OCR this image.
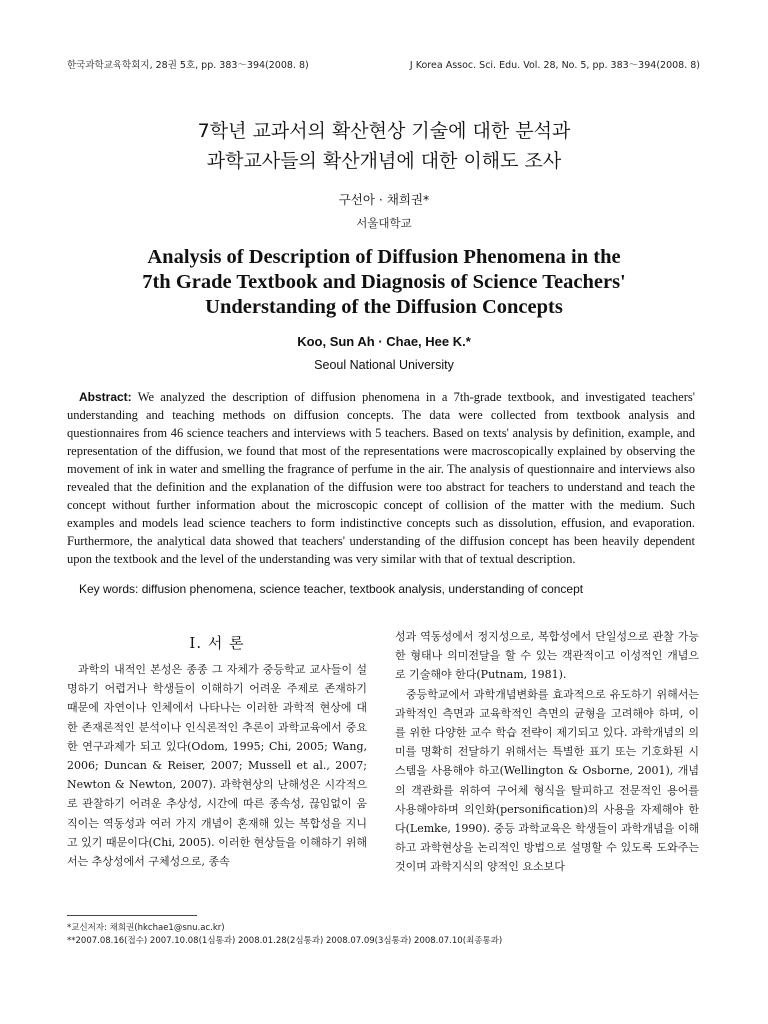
한국과학교육학회지, 28권 5호, pp. 383～394(2008. 8)	J Korea Assoc. Sci. Edu. Vol. 28, No. 5, pp. 383～394(2008. 8)
7학년 교과서의 확산현상 기술에 대한 분석과
과학교사들의 확산개념에 대한 이해도 조사
구선아 · 채희권*
서울대학교
Analysis of Description of Diffusion Phenomena in the
7th Grade Textbook and Diagnosis of Science Teachers'
Understanding of the Diffusion Concepts
Koo, Sun Ah · Chae, Hee K.*
Seoul National University
Abstract: We analyzed the description of diffusion phenomena in a 7th-grade textbook, and investigated teachers' understanding and teaching methods on diffusion concepts. The data were collected from textbook analysis and questionnaires from 46 science teachers and interviews with 5 teachers. Based on texts' analysis by definition, example, and representation of the diffusion, we found that most of the representations were macroscopically explained by observing the movement of ink in water and smelling the fragrance of perfume in the air. The analysis of questionnaire and interviews also revealed that the definition and the explanation of the diffusion were too abstract for teachers to understand and teach the concept without further information about the microscopic concept of collision of the matter with the medium. Such examples and models lead science teachers to form indistinctive concepts such as dissolution, effusion, and evaporation. Furthermore, the analytical data showed that teachers' understanding of the diffusion concept has been heavily dependent upon the textbook and the level of the understanding was very similar with that of textual description.
Key words: diffusion phenomena, science teacher, textbook analysis, understanding of concept
I. 서 론

과학의 내적인 본성은 종종 그 자체가 중등학교 교사들이 설명하기 어렵거나 학생들이 이해하기 어려운 주제로 존재하기 때문에 자연이나 인체에서 나타나는 이러한 과학적 현상에 대한 존재론적인 분석이나 인식론적인 추론이 과학교육에서 중요한 연구과제가 되고 있다(Odom, 1995; Chi, 2005; Wang, 2006; Duncan & Reiser, 2007; Mussell et al., 2007; Newton & Newton, 2007). 과학현상의 난해성은 시각적으로 관찰하기 어려운 추상성, 시간에 따른 종속성, 끊임없이 움직이는 역동성과 여러 가지 개념이 혼재해 있는 복합성을 지니고 있기 때문이다(Chi, 2005). 이러한 현상들을 이해하기 위해서는 추상성에서 구체성으로, 종속

성과 역동성에서 정지성으로, 복합성에서 단일성으로 관찰 가능한 형태나 의미전달을 할 수 있는 객관적이고 이성적인 개념으로 기술해야 한다(Putnam, 1981).

중등학교에서 과학개념변화를 효과적으로 유도하기 위해서는 과학적인 측면과 교육학적인 측면의 균형을 고려해야 하며, 이를 위한 다양한 교수 학습 전략이 제기되고 있다. 과학개념의 의미를 명확히 전달하기 위해서는 특별한 표기 또는 기호화된 시스템을 사용해야 하고(Wellington & Osborne, 2001), 개념의 객관화를 위하여 구어체 형식을 탈피하고 전문적인 용어를 사용해야하며 의인화(personification)의 사용을 자제해야 한다(Lemke, 1990). 중등 과학교육은 학생들이 과학개념을 이해하고 과학현상을 논리적인 방법으로 설명할 수 있도록 도와주는 것이며 과학지식의 양적인 요소보다

*교신저자: 채희권(hkchae1@snu.ac.kr)
**2007.08.16(접수) 2007.10.08(1심통과) 2008.01.28(2심통과) 2008.07.09(3심통과) 2008.07.10(최종통과)
